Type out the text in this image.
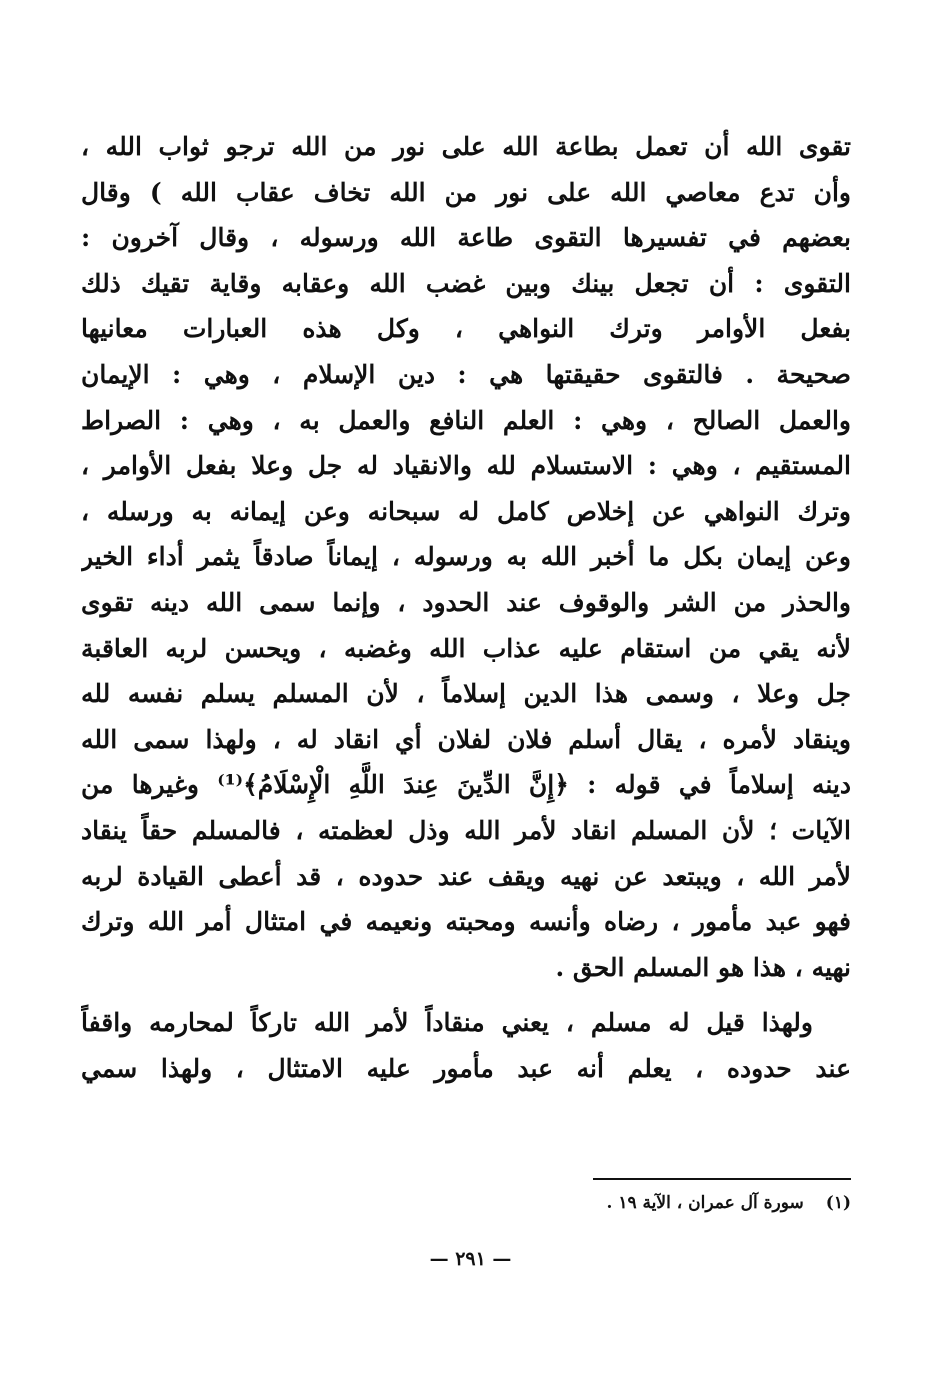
تقوى الله أن تعمل بطاعة الله على نور من الله ترجو ثواب الله ،
وأن تدع معاصي الله على نور من الله تخاف عقاب الله ) وقال
بعضهم في تفسيرها التقوى طاعة الله ورسوله ، وقال آخرون :
التقوى : أن تجعل بينك وبين غضب الله وعقابه وقاية تقيك ذلك
بفعل الأوامر وترك النواهي ، وكل هذه العبارات معانيها
صحيحة . فالتقوى حقيقتها هي : دين الإسلام ، وهي : الإيمان
والعمل الصالح ، وهي : العلم النافع والعمل به ، وهي : الصراط
المستقيم ، وهي : الاستسلام لله والانقياد له جل وعلا بفعل الأوامر ،
وترك النواهي عن إخلاص كامل له سبحانه وعن إيمانه به ورسله ،
وعن إيمان بكل ما أخبر الله به ورسوله ، إيماناً صادقاً يثمر أداء الخير
والحذر من الشر والوقوف عند الحدود ، وإنما سمى الله دينه تقوى
لأنه يقي من استقام عليه عذاب الله وغضبه ، ويحسن لربه العاقبة
جل وعلا ، وسمى هذا الدين إسلاماً ، لأن المسلم يسلم نفسه لله
وينقاد لأمره ، يقال أسلم فلان لفلان أي انقاد له ، ولهذا سمى الله
دينه إسلاماً في قوله : ﴿إِنَّ الدِّينَ عِندَ اللَّهِ الْإِسْلَامُ﴾⁽¹⁾ وغيرها من
الآيات ؛ لأن المسلم انقاد لأمر الله وذل لعظمته ، فالمسلم حقاً ينقاد
لأمر الله ، ويبتعد عن نهيه ويقف عند حدوده ، قد أعطى القيادة لربه
فهو عبد مأمور ، رضاه وأنسه ومحبته ونعيمه في امتثال أمر الله وترك
نهيه ، هذا هو المسلم الحق .
ولهذا قيل له مسلم ، يعني منقاداً لأمر الله تاركاً لمحارمه واقفاً
عند حدوده ، يعلم أنه عبد مأمور عليه الامتثال ، ولهذا سمي
(١)سورة آل عمران ، الآية ١٩ .
— ٢٩١ —
